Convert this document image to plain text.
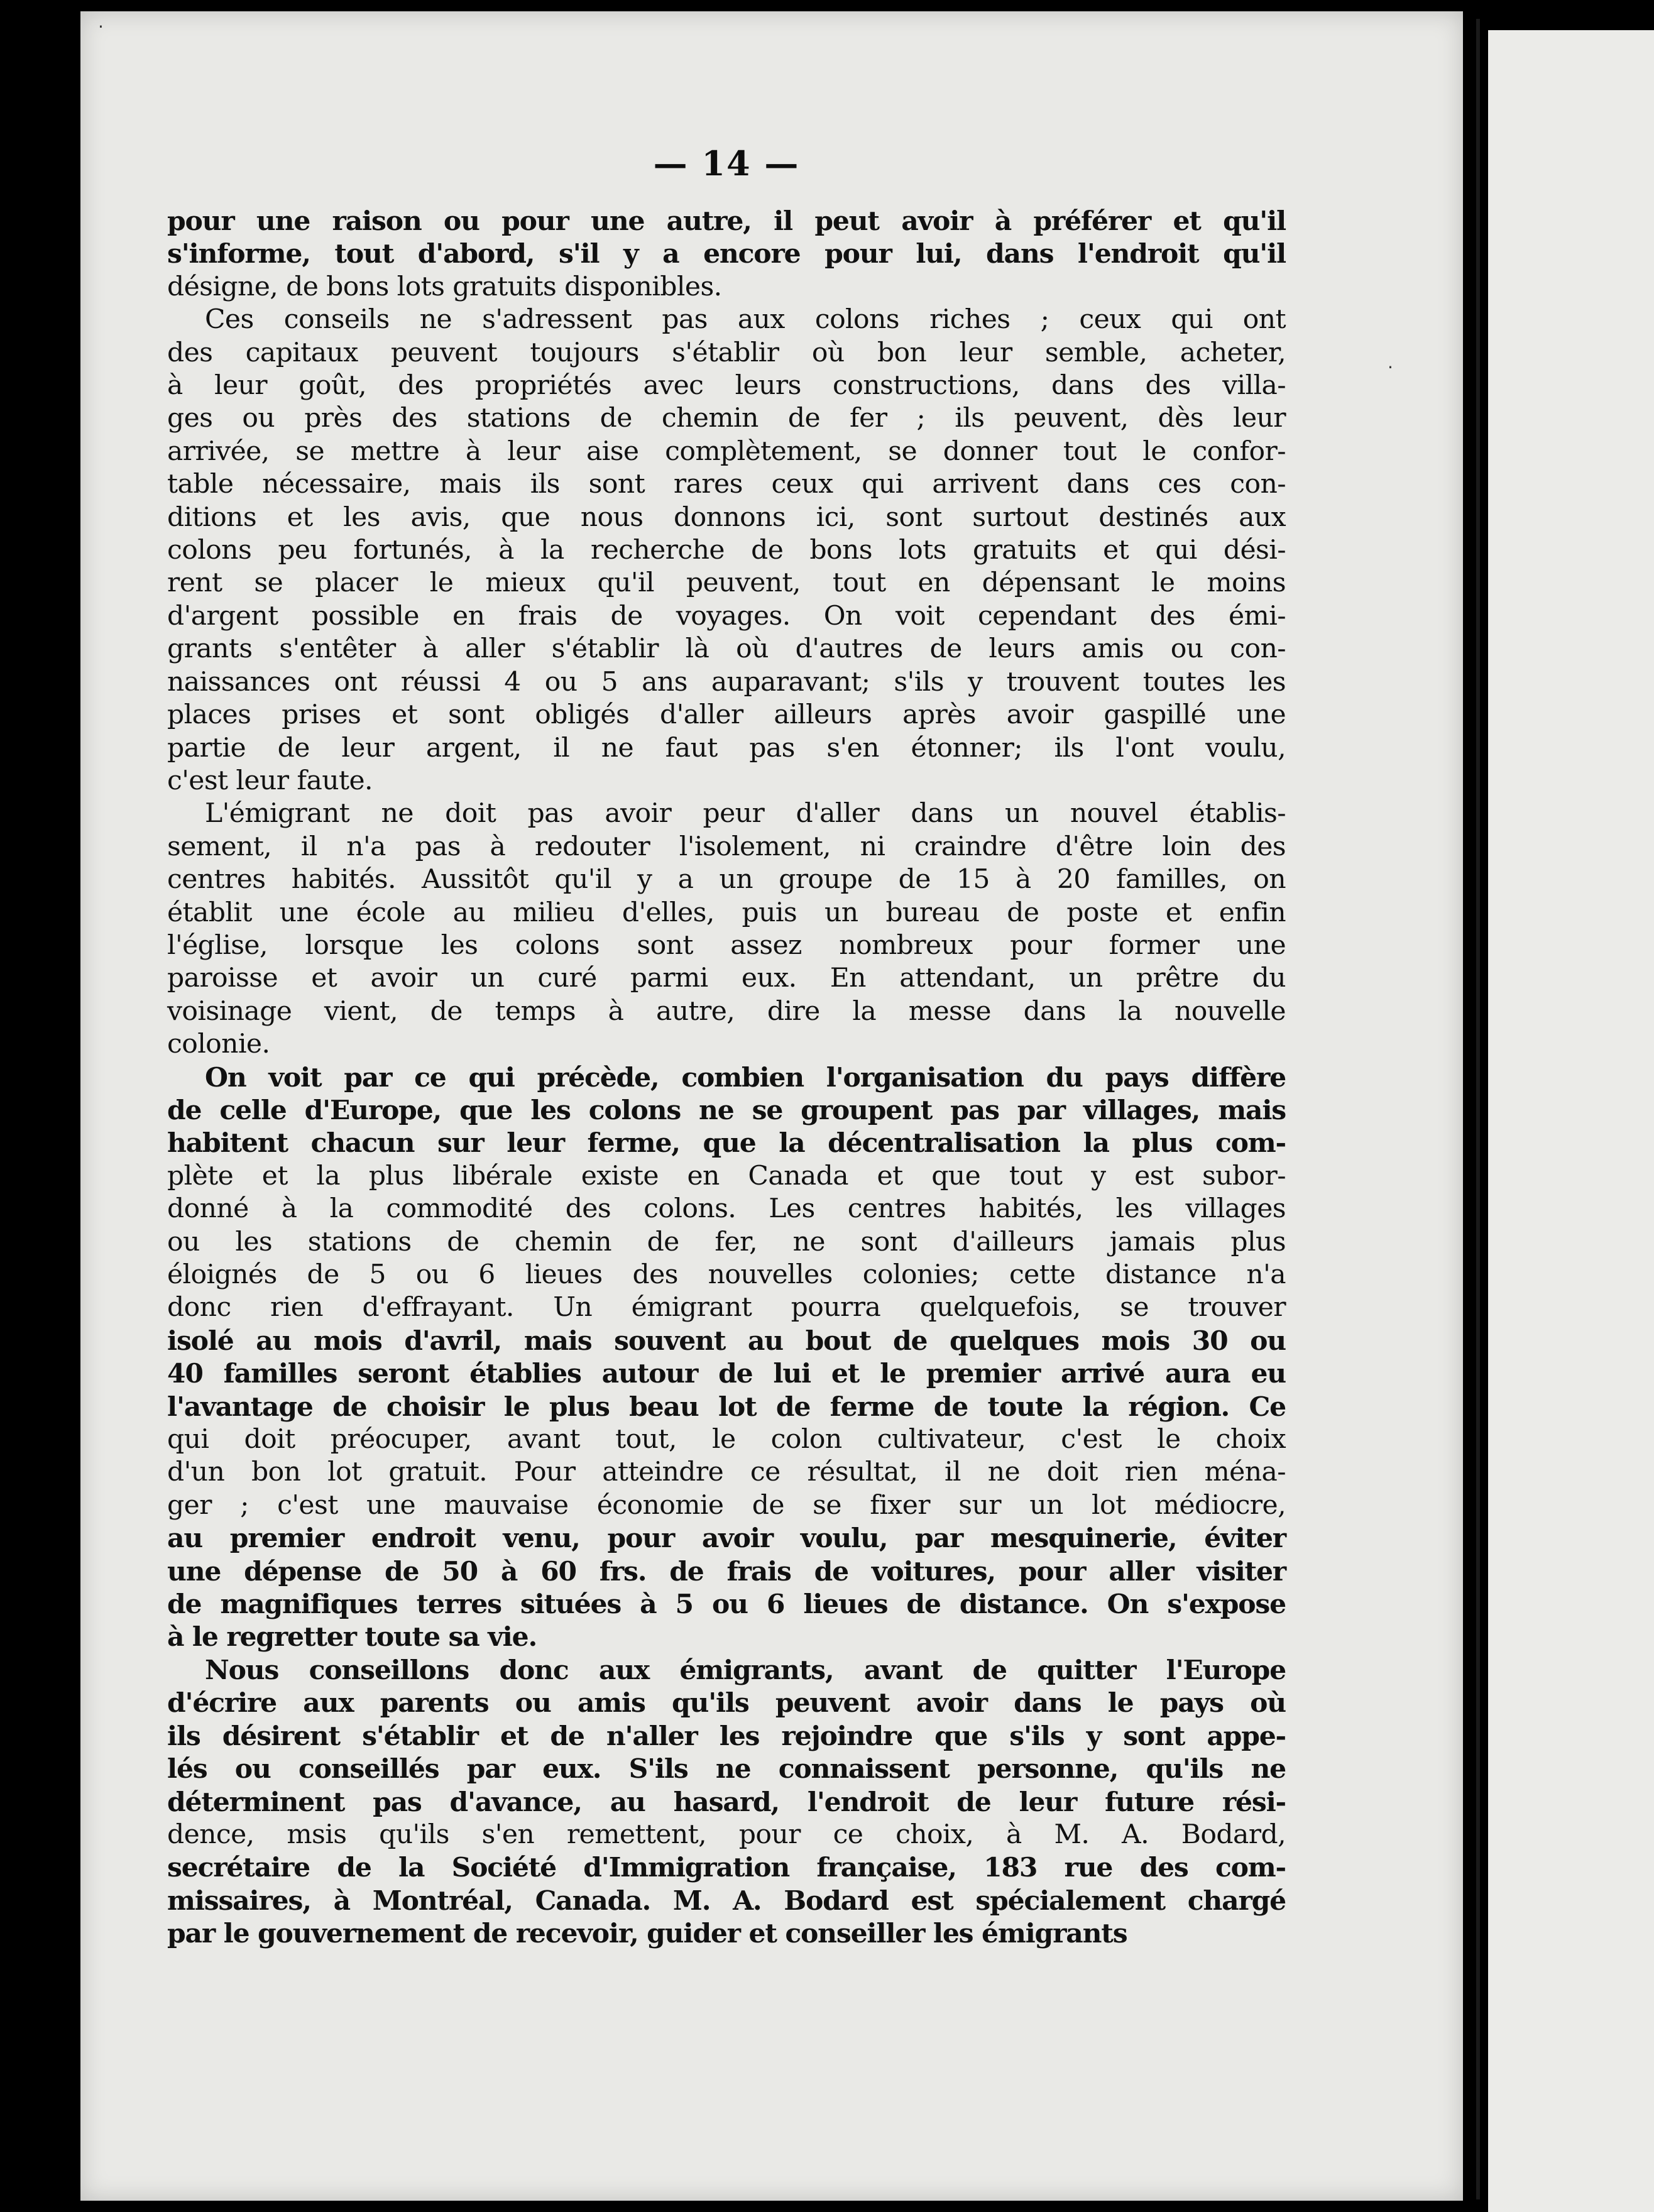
·
·
— 14 —
pour une raison ou pour une autre, il peut avoir à préférer et qu'il
s'informe, tout d'abord, s'il y a encore pour lui, dans l'endroit qu'il
désigne, de bons lots gratuits disponibles.
Ces conseils ne s'adressent pas aux colons riches ; ceux qui ont
des capitaux peuvent toujours s'établir où bon leur semble, acheter,
à leur goût, des propriétés avec leurs constructions, dans des villa-
ges ou près des stations de chemin de fer ; ils peuvent, dès leur
arrivée, se mettre à leur aise complètement, se donner tout le confor-
table nécessaire, mais ils sont rares ceux qui arrivent dans ces con-
ditions et les avis, que nous donnons ici, sont surtout destinés aux
colons peu fortunés, à la recherche de bons lots gratuits et qui dési-
rent se placer le mieux qu'il peuvent, tout en dépensant le moins
d'argent possible en frais de voyages. On voit cependant des émi-
grants s'entêter à aller s'établir là où d'autres de leurs amis ou con-
naissances ont réussi 4 ou 5 ans auparavant; s'ils y trouvent toutes les
places prises et sont obligés d'aller ailleurs après avoir gaspillé une
partie de leur argent, il ne faut pas s'en étonner; ils l'ont voulu,
c'est leur faute.
L'émigrant ne doit pas avoir peur d'aller dans un nouvel établis-
sement, il n'a pas à redouter l'isolement, ni craindre d'être loin des
centres habités. Aussitôt qu'il y a un groupe de 15 à 20 familles, on
établit une école au milieu d'elles, puis un bureau de poste et enfin
l'église, lorsque les colons sont assez nombreux pour former une
paroisse et avoir un curé parmi eux. En attendant, un prêtre du
voisinage vient, de temps à autre, dire la messe dans la nouvelle
colonie.
On voit par ce qui précède, combien l'organisation du pays diffère
de celle d'Europe, que les colons ne se groupent pas par villages, mais
habitent chacun sur leur ferme, que la décentralisation la plus com-
plète et la plus libérale existe en Canada et que tout y est subor-
donné à la commodité des colons. Les centres habités, les villages
ou les stations de chemin de fer, ne sont d'ailleurs jamais plus
éloignés de 5 ou 6 lieues des nouvelles colonies; cette distance n'a
donc rien d'effrayant. Un émigrant pourra quelquefois, se trouver
isolé au mois d'avril, mais souvent au bout de quelques mois 30 ou
40 familles seront établies autour de lui et le premier arrivé aura eu
l'avantage de choisir le plus beau lot de ferme de toute la région. Ce
qui doit préocuper, avant tout, le colon cultivateur, c'est le choix
d'un bon lot gratuit. Pour atteindre ce résultat, il ne doit rien ména-
ger ; c'est une mauvaise économie de se fixer sur un lot médiocre,
au premier endroit venu, pour avoir voulu, par mesquinerie, éviter
une dépense de 50 à 60 frs. de frais de voitures, pour aller visiter
de magnifiques terres situées à 5 ou 6 lieues de distance. On s'expose
à le regretter toute sa vie.
Nous conseillons donc aux émigrants, avant de quitter l'Europe
d'écrire aux parents ou amis qu'ils peuvent avoir dans le pays où
ils désirent s'établir et de n'aller les rejoindre que s'ils y sont appe-
lés ou conseillés par eux. S'ils ne connaissent personne, qu'ils ne
déterminent pas d'avance, au hasard, l'endroit de leur future rési-
dence, msis qu'ils s'en remettent, pour ce choix, à M. A. Bodard,
secrétaire de la Société d'Immigration française, 183 rue des com-
missaires, à Montréal, Canada. M. A. Bodard est spécialement chargé
par le gouvernement de recevoir, guider et conseiller les émigrants
